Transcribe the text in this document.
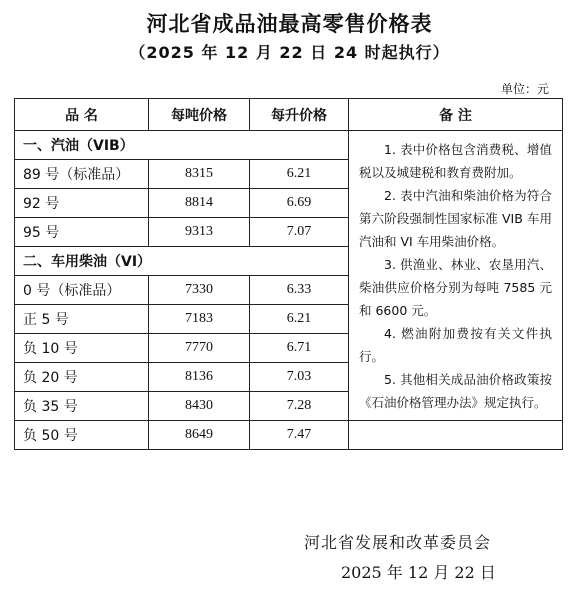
河北省成品油最高零售价格表
（2025 年 12 月 22 日 24 时起执行）
单位：元
品 名	每吨价格	每升价格	备 注
一、汽油（VIB）			1. 表中价格包含消费税、增值税以及城建税和教育费附加。

2. 表中汽油和柴油价格为符合第六阶段强制性国家标准 VIB 车用汽油和 VI 车用柴油价格。

3. 供渔业、林业、农垦用汽、柴油供应价格分别为每吨 7585 元和 6600 元。

4. 燃油附加费按有关文件执行。

5. 其他相关成品油价格政策按《石油价格管理办法》规定执行。

89 号（标准品）	8315	6.21	
92 号	8814	6.69	
95 号	9313	7.07	
二、车用柴油（VI）			
0 号（标准品）	7330	6.33	
正 5 号	7183	6.21	
负 10 号	7770	6.71	
负 20 号	8136	7.03	
负 35 号	8430	7.28	
负 50 号	8649	7.47	
河北省发展和改革委员会
2025 年 12 月 22 日
